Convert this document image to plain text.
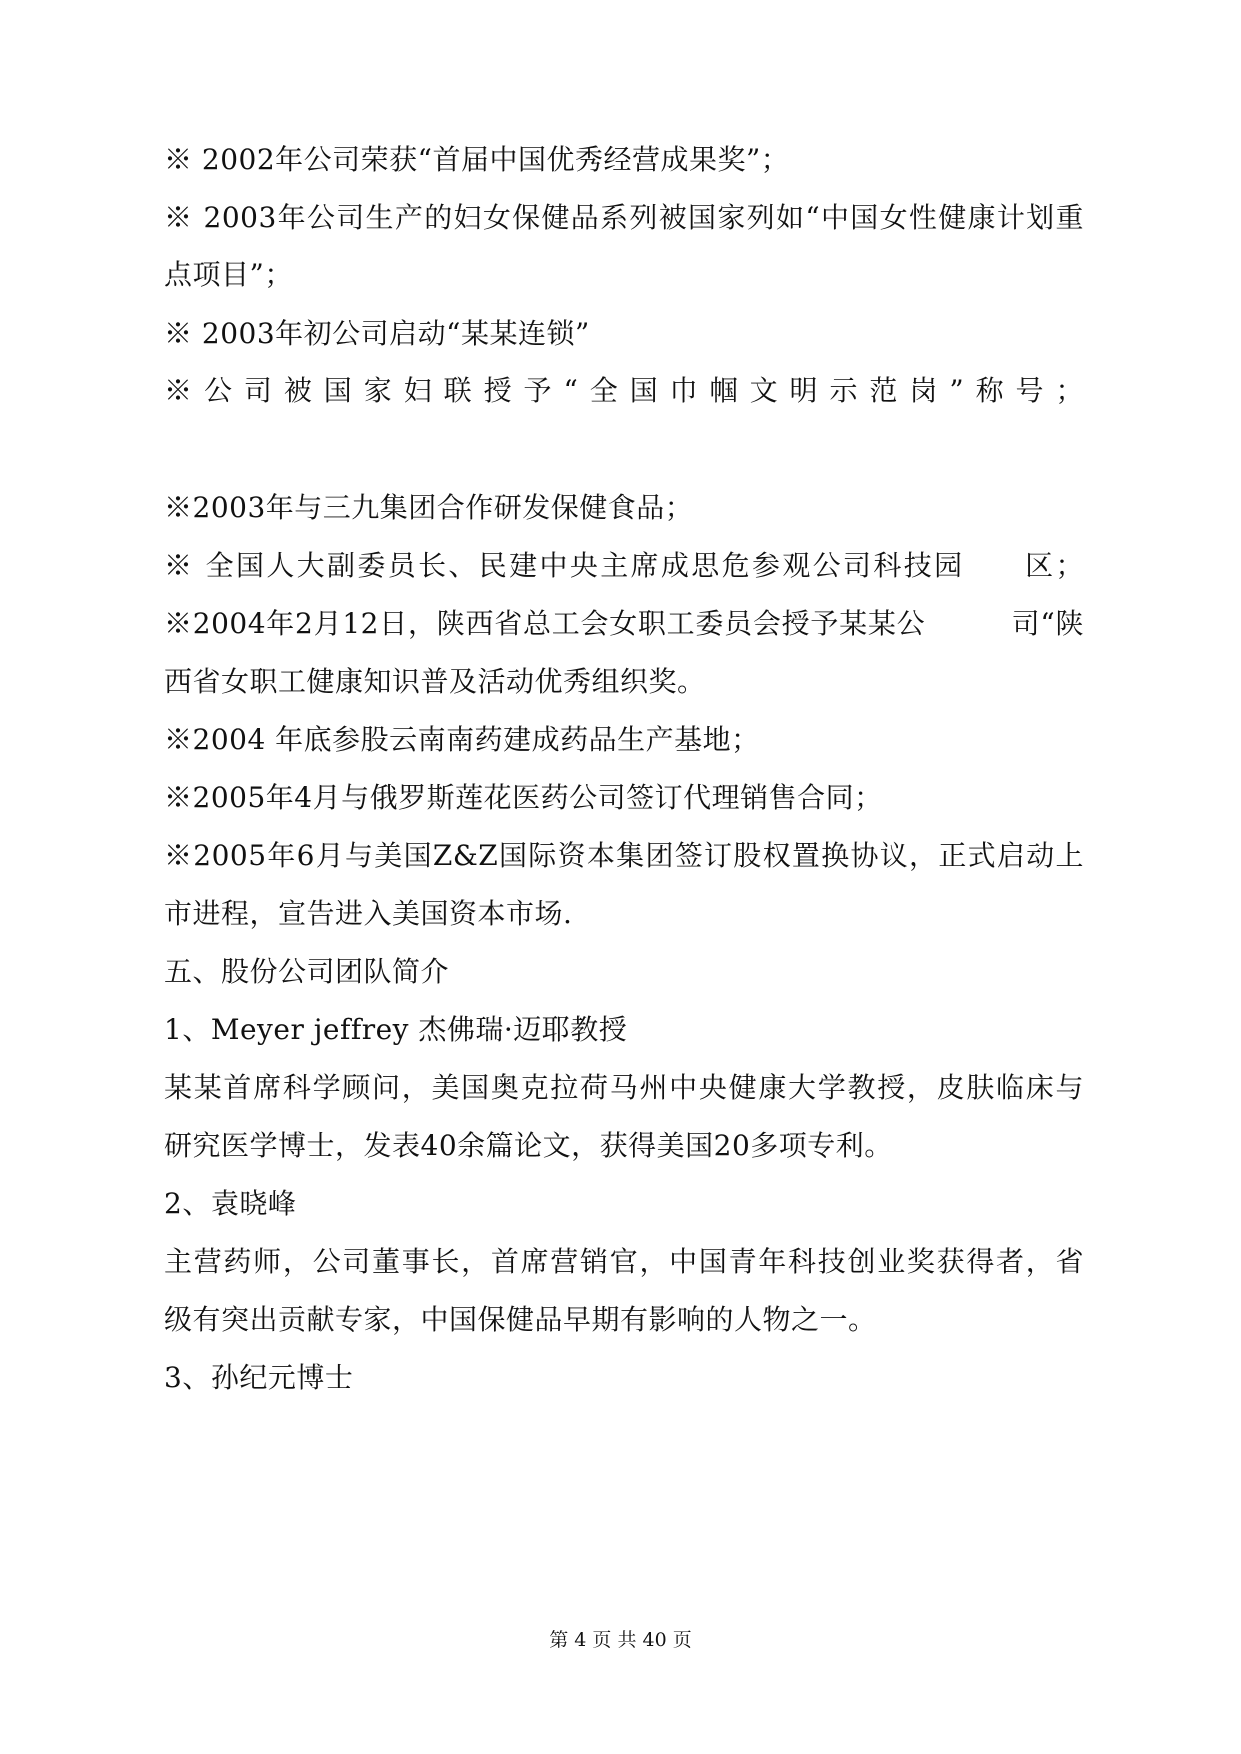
※ 2002年公司荣获“首届中国优秀经营成果奖”；
※ 2003年公司生产的妇女保健品系列被国家列如“中国女性健康计划重
点项目”；
※ 2003年初公司启动“某某连锁”
※公司被国家妇联授予“全国巾帼文明示范岗”称号；
※2003年与三九集团合作研发保健食品；
※ 全国人大副委员长、民建中央主席成思危参观公司科技园　　区；
※2004年2月12日，陕西省总工会女职工委员会授予某某公　　　司“陕
西省女职工健康知识普及活动优秀组织奖。
※2004 年底参股云南南药建成药品生产基地；
※2005年4月与俄罗斯莲花医药公司签订代理销售合同；
※2005年6月与美国Z&Z国际资本集团签订股权置换协议，正式启动上
市进程，宣告进入美国资本市场.
五、股份公司团队简介
1、Meyer jeffrey 杰佛瑞·迈耶教授
某某首席科学顾问，美国奥克拉荷马州中央健康大学教授，皮肤临床与
研究医学博士，发表40余篇论文，获得美国20多项专利。
2、袁晓峰
主营药师，公司董事长，首席营销官，中国青年科技创业奖获得者，省
级有突出贡献专家，中国保健品早期有影响的人物之一。
3、孙纪元博士
第 4 页 共 40 页
